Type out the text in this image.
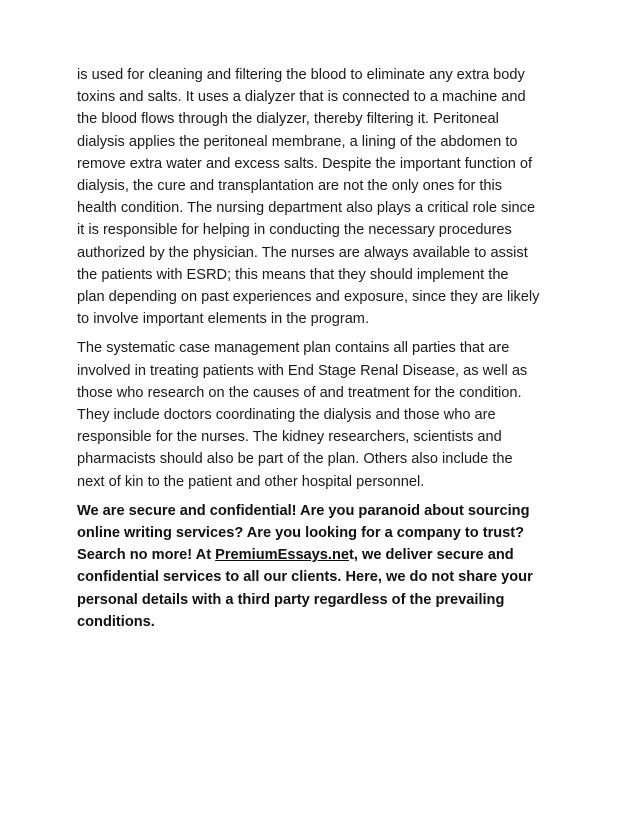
is used for cleaning and filtering the blood to eliminate any extra body
toxins and salts. It uses a dialyzer that is connected to a machine and
the blood flows through the dialyzer, thereby filtering it. Peritoneal
dialysis applies the peritoneal membrane, a lining of the abdomen to
remove extra water and excess salts. Despite the important function of
dialysis, the cure and transplantation are not the only ones for this
health condition. The nursing department also plays a critical role since
it is responsible for helping in conducting the necessary procedures
authorized by the physician. The nurses are always available to assist
the patients with ESRD; this means that they should implement the
plan depending on past experiences and exposure, since they are likely
to involve important elements in the program.

The systematic case management plan contains all parties that are
involved in treating patients with End Stage Renal Disease, as well as
those who research on the causes of and treatment for the condition.
They include doctors coordinating the dialysis and those who are
responsible for the nurses. The kidney researchers, scientists and
pharmacists should also be part of the plan. Others also include the
next of kin to the patient and other hospital personnel.

We are secure and confidential! Are you paranoid about sourcing
online writing services? Are you looking for a company to trust?
Search no more! At PremiumEssays.net, we deliver secure and
confidential services to all our clients. Here, we do not share your
personal details with a third party regardless of the prevailing
conditions.
